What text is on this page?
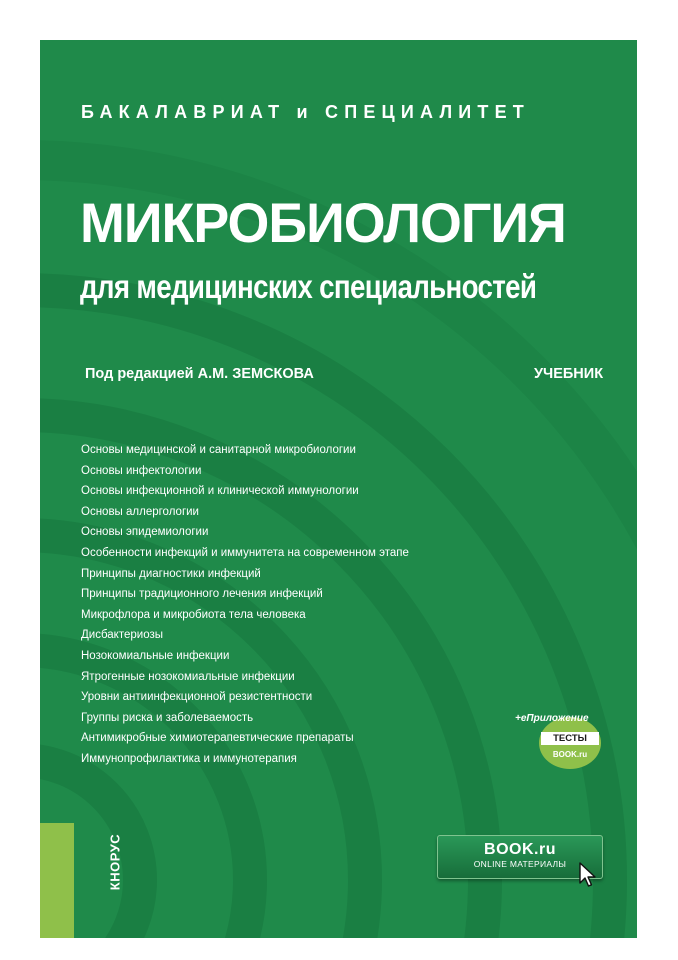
БАКАЛАВРИАТ и СПЕЦИАЛИТЕТ
МИКРОБИОЛОГИЯ
для медицинских специальностей
Под редакцией А.М. ЗЕМСКОВА	УЧЕБНИК
Основы медицинской и санитарной микробиологии
Основы инфектологии
Основы инфекционной и клинической иммунологии
Основы аллергологии
Основы эпидемиологии
Особенности инфекций и иммунитета на современном этапе
Принципы диагностики инфекций
Принципы традиционного лечения инфекций
Микрофлора и микробиота тела человека
Дисбактериозы
Нозокомиальные инфекции
Ятрогенные нозокомиальные инфекции
Уровни антиинфекционной резистентности
Группы риска и заболеваемость
Антимикробные химиотерапевтические препараты
Иммунопрофилактика и иммунотерапия
+еПриложение
ТЕСТЫ
BOOK.ru
КНОРУС	BOOK.ru
ONLINE МАТЕРИАЛЫ
